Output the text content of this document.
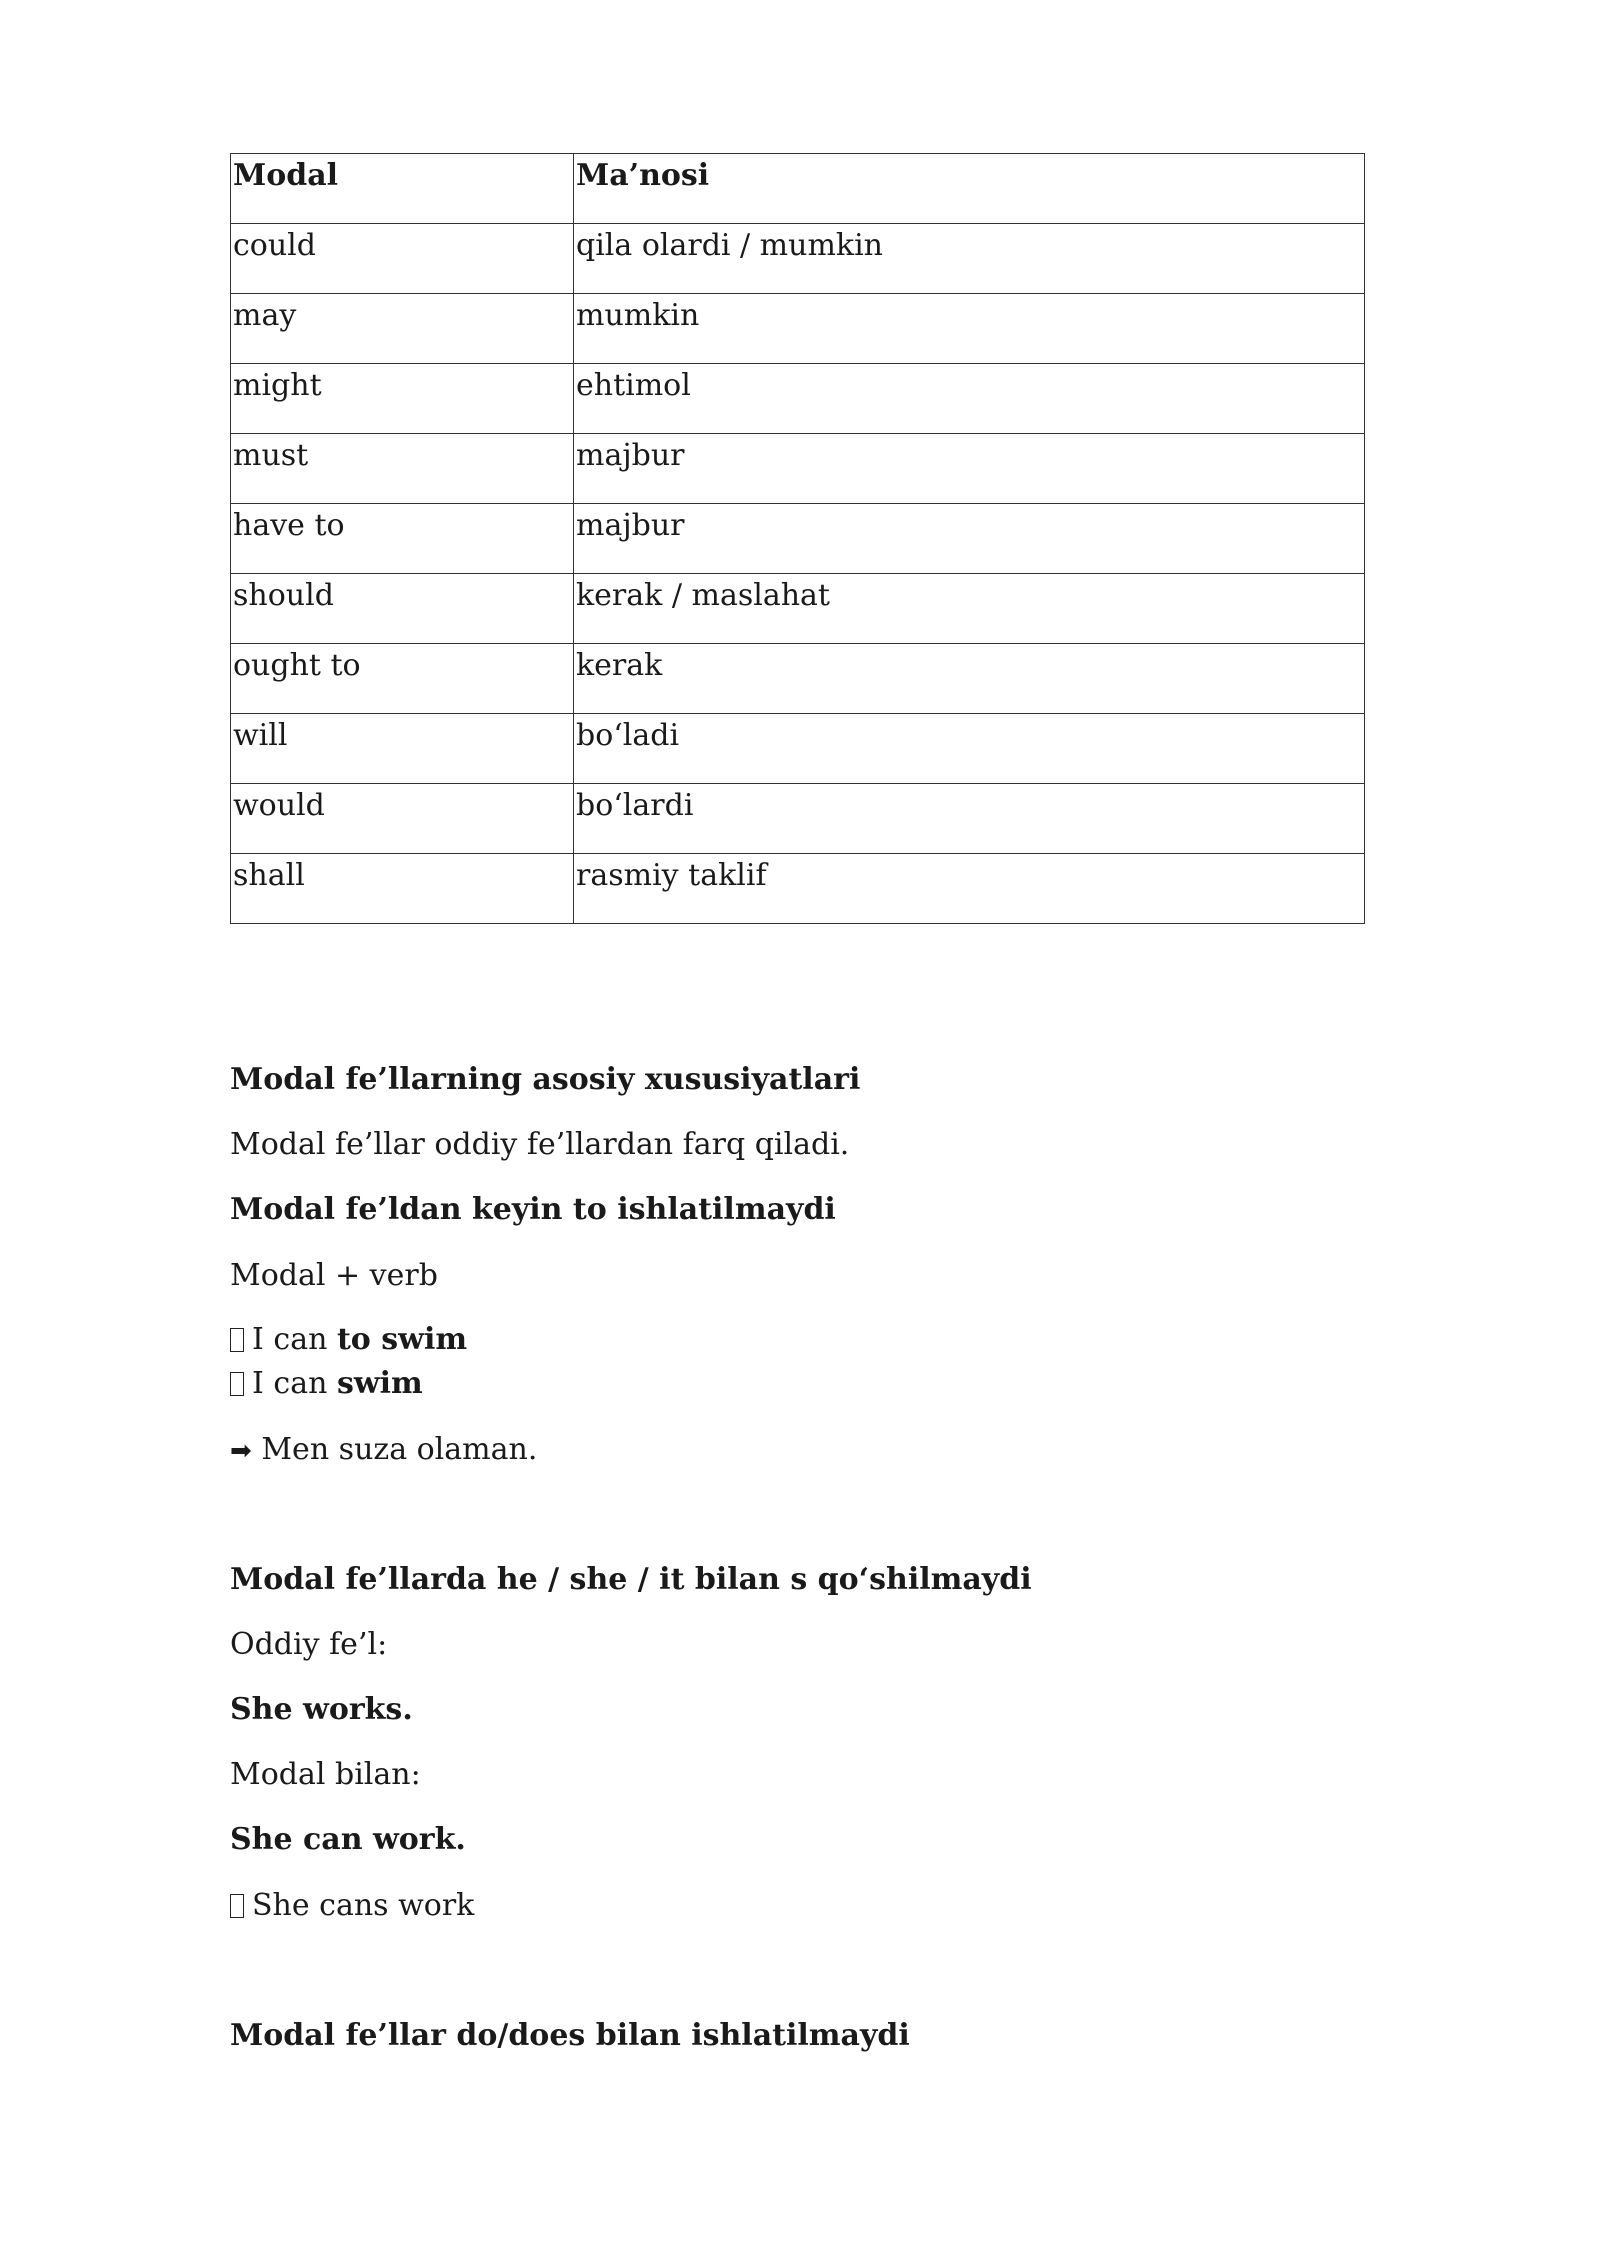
Modal	Ma’nosi
could	qila olardi / mumkin
may	mumkin
might	ehtimol
must	majbur
have to	majbur
should	kerak / maslahat
ought to	kerak
will	bo‘ladi
would	bo‘lardi
shall	rasmiy taklif
Modal fe’llarning asosiy xususiyatlari
Modal fe’llar oddiy fe’llardan farq qiladi.
Modal fe’ldan keyin to ishlatilmaydi
Modal + verb
I can to swim
I can swim
➡ Men suza olaman.
Modal fe’llarda he / she / it bilan s qo‘shilmaydi
Oddiy fe’l:
She works.
Modal bilan:
She can work.
She cans work
Modal fe’llar do/does bilan ishlatilmaydi
